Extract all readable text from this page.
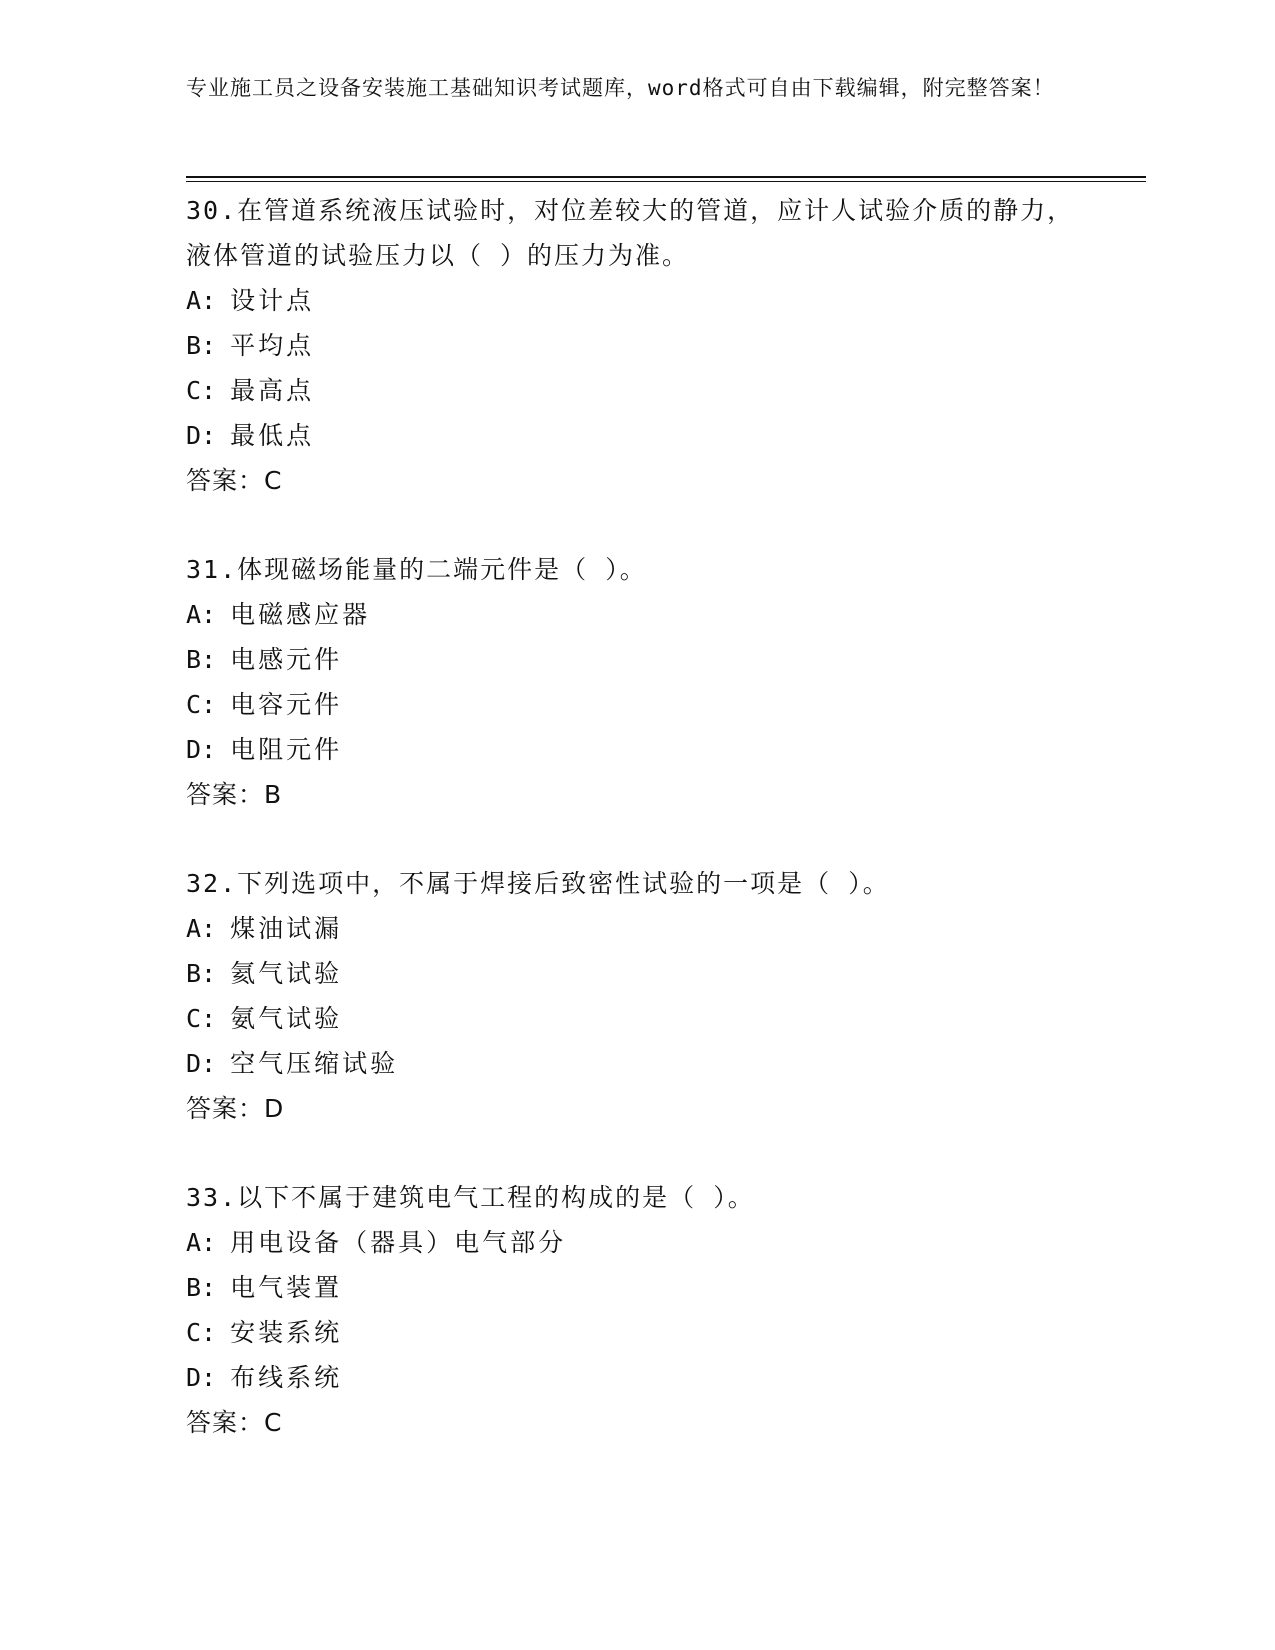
专业施工员之设备安装施工基础知识考试题库，word格式可自由下载编辑，附完整答案！
30.在管道系统液压试验时，对位差较大的管道，应计人试验介质的静力，液体管道的试验压力以（ ）的压力为准。
A: 设计点
B: 平均点
C: 最高点
D: 最低点
答案：C
31.体现磁场能量的二端元件是（ ）。
A: 电磁感应器
B: 电感元件
C: 电容元件
D: 电阻元件
答案：B
32.下列选项中，不属于焊接后致密性试验的一项是（ ）。
A: 煤油试漏
B: 氦气试验
C: 氨气试验
D: 空气压缩试验
答案：D
33.以下不属于建筑电气工程的构成的是（ ）。
A: 用电设备（器具）电气部分
B: 电气装置
C: 安装系统
D: 布线系统
答案：C
